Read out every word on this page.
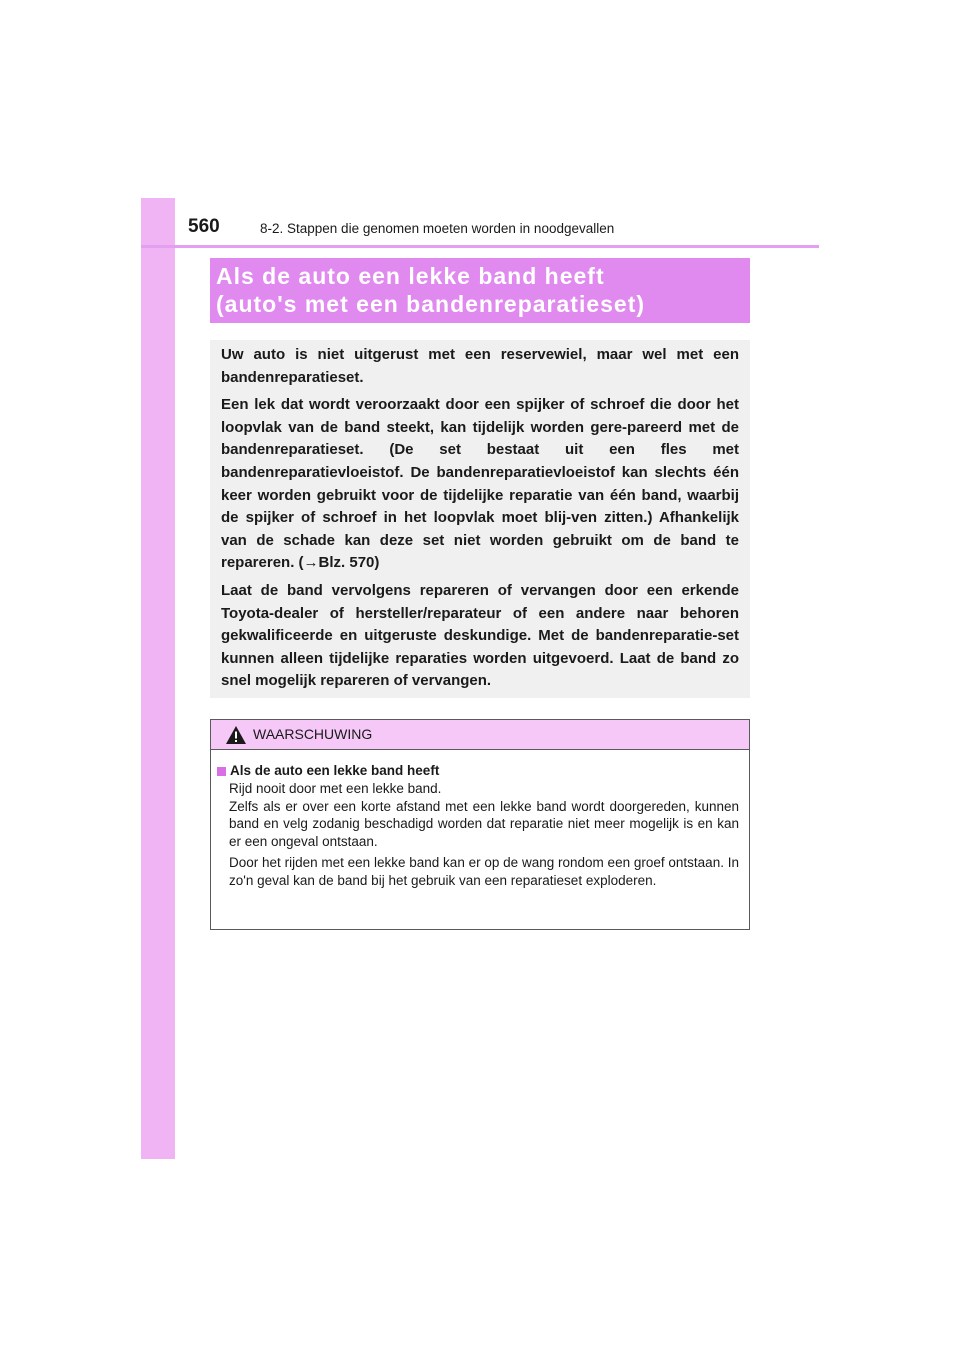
560	8-2. Stappen die genomen moeten worden in noodgevallen
Als de auto een lekke band heeft
(auto's met een bandenreparatieset)

Uw auto is niet uitgerust met een reservewiel, maar wel met een bandenreparatieset.

Een lek dat wordt veroorzaakt door een spijker of schroef die door het loopvlak van de band steekt, kan tijdelijk worden gere-pareerd met de bandenreparatieset. (De set bestaat uit een fles met bandenreparatievloeistof. De bandenreparatievloeistof kan slechts één keer worden gebruikt voor de tijdelijke reparatie van één band, waarbij de spijker of schroef in het loopvlak moet blij-ven zitten.) Afhankelijk van de schade kan deze set niet worden gebruikt om de band te repareren. (→Blz. 570)

Laat de band vervolgens repareren of vervangen door een erkende Toyota-dealer of hersteller/reparateur of een andere naar behoren gekwalificeerde en uitgeruste deskundige. Met de bandenreparatie-set kunnen alleen tijdelijke reparaties worden uitgevoerd. Laat de band zo snel mogelijk repareren of vervangen.

WAARSCHUWING
Als de auto een lekke band heeft

Rijd nooit door met een lekke band.
Zelfs als er over een korte afstand met een lekke band wordt doorgereden, kunnen band en velg zodanig beschadigd worden dat reparatie niet meer mogelijk is en kan er een ongeval ontstaan.

Door het rijden met een lekke band kan er op de wang rondom een groef ontstaan. In zo'n geval kan de band bij het gebruik van een reparatieset exploderen.
